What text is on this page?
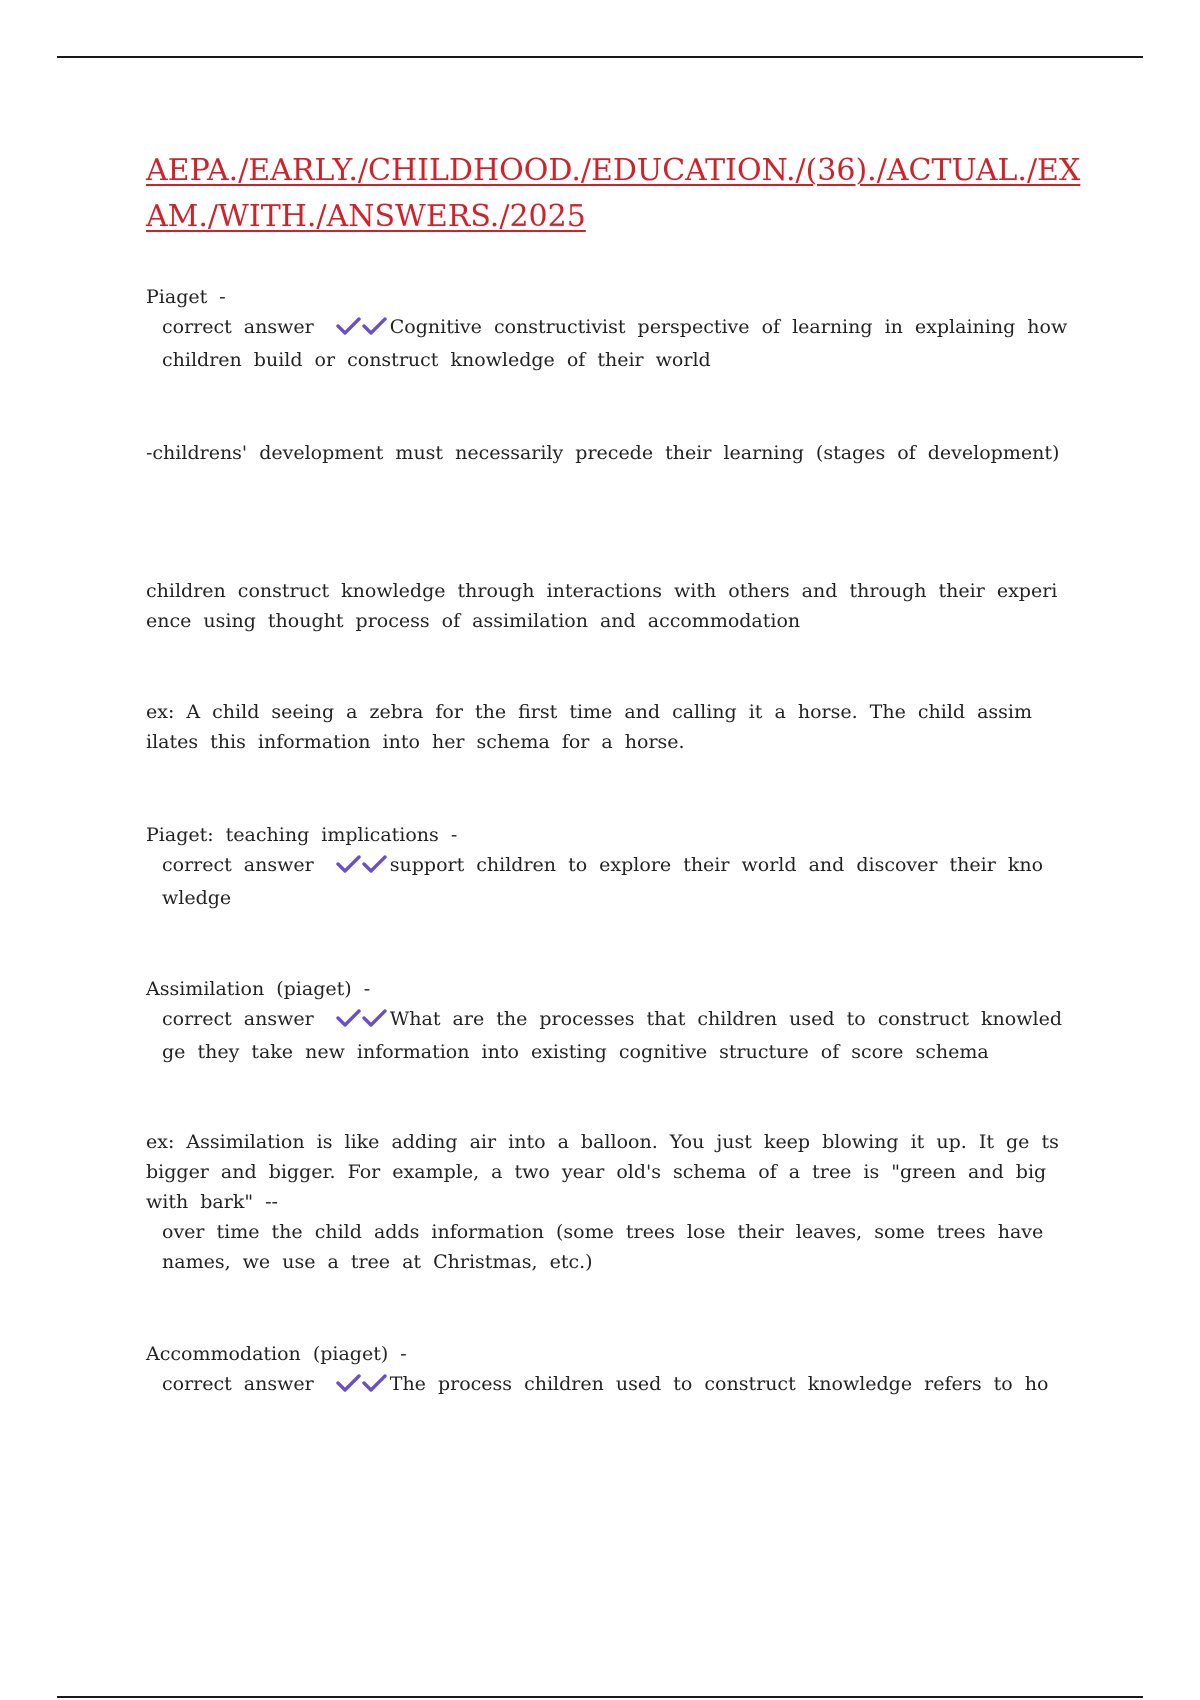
AEPA./EARLY./CHILDHOOD./EDUCATION./(36)./ACTUAL./EXAM./WITH./ANSWERS./2025
Piaget -
correct answer	Cognitive constructivist perspective of learning in explaining how children build or construct knowledge of their world
-childrens' development must necessarily precede their learning (stages of development)
children construct knowledge through interactions with others and through their experi ence using thought process of assimilation and accommodation
ex: A child seeing a zebra for the first time and calling it a horse. The child assim ilates this information into her schema for a horse.
Piaget: teaching implications -
correct answer	support children to explore their world and discover their kno wledge
Assimilation (piaget) -
correct answer	What are the processes that children used to construct knowled ge they take new information into existing cognitive structure of score schema
ex: Assimilation is like adding air into a balloon. You just keep blowing it up. It ge ts bigger and bigger. For example, a two year old's schema of a tree is "green and big with bark" --
over time the child adds information (some trees lose their leaves, some trees have names, we use a tree at Christmas, etc.)
Accommodation (piaget) -
correct answer	The process children used to construct knowledge refers to ho
